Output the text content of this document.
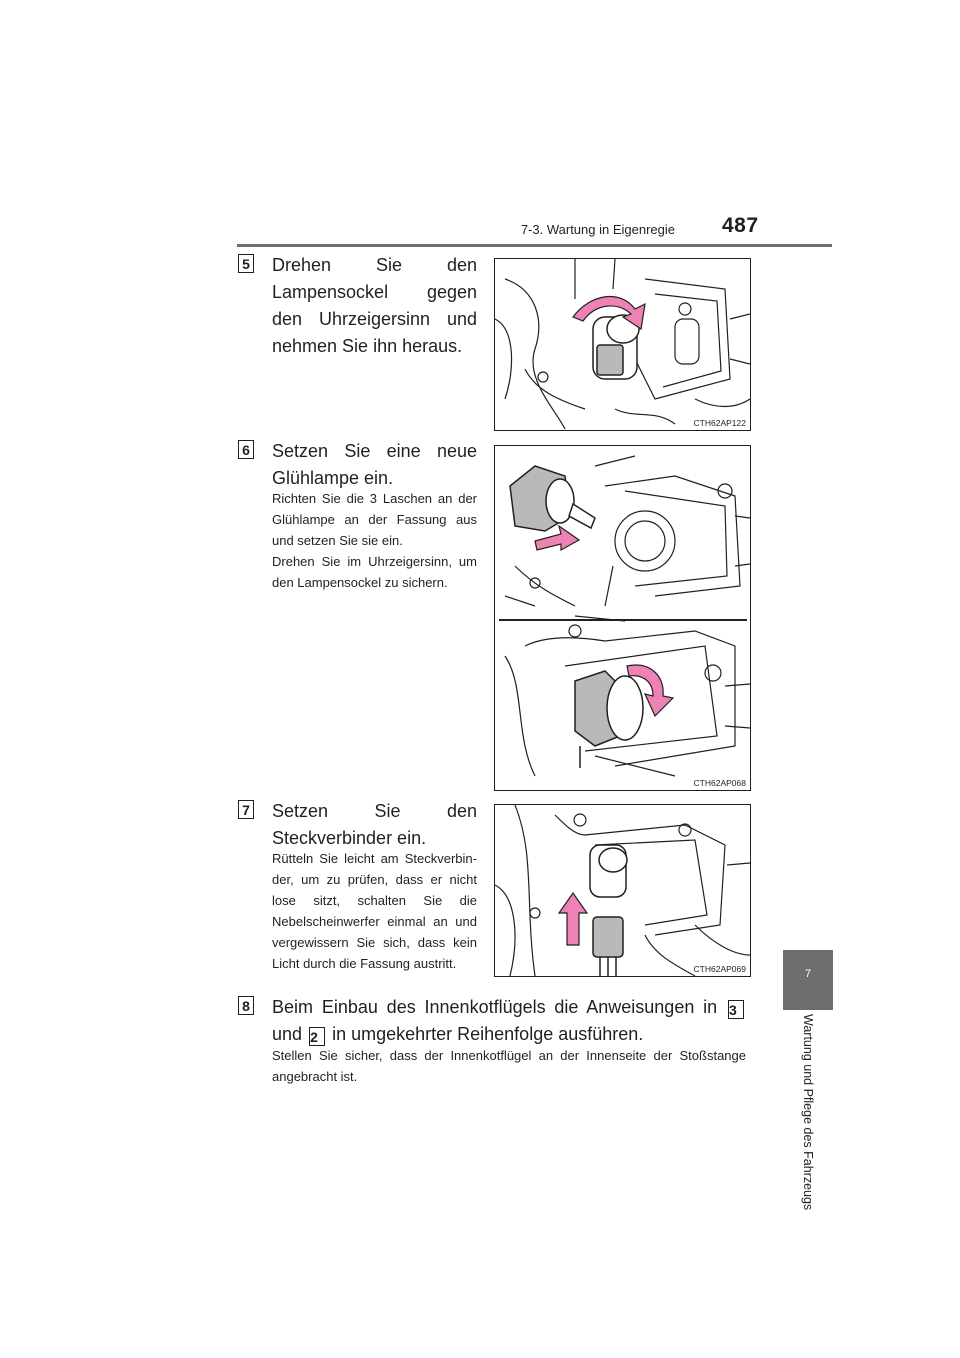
7-3. Wartung in Eigenregie 487
7
Wartung und Pflege des Fahrzeugs
5 Drehen Sie den Lampensockel gegen den Uhrzeigersinn und nehmen Sie ihn heraus.
CTH62AP122
6 Setzen Sie eine neue Glühlampe ein.
Richten Sie die 3 Laschen an der Glühlampe an der Fassung aus und setzen Sie sie ein.
Drehen Sie im Uhrzeigersinn, um den Lampensockel zu sichern.
CTH62AP068
7 Setzen Sie den Steckverbinder ein.
Rütteln Sie leicht am Steckverbinder, um zu prüfen, dass er nicht lose sitzt, schalten Sie die Nebelscheinwerfer einmal an und vergewissern Sie sich, dass kein Licht durch die Fassung austritt.	CTH62AP069
8 Beim Einbau des Innenkotflügels die Anweisungen in 3 und 2 in umgekehrter Reihenfolge ausführen.
Stellen Sie sicher, dass der Innenkotflügel an der Innenseite der Stoßstange angebracht ist.
